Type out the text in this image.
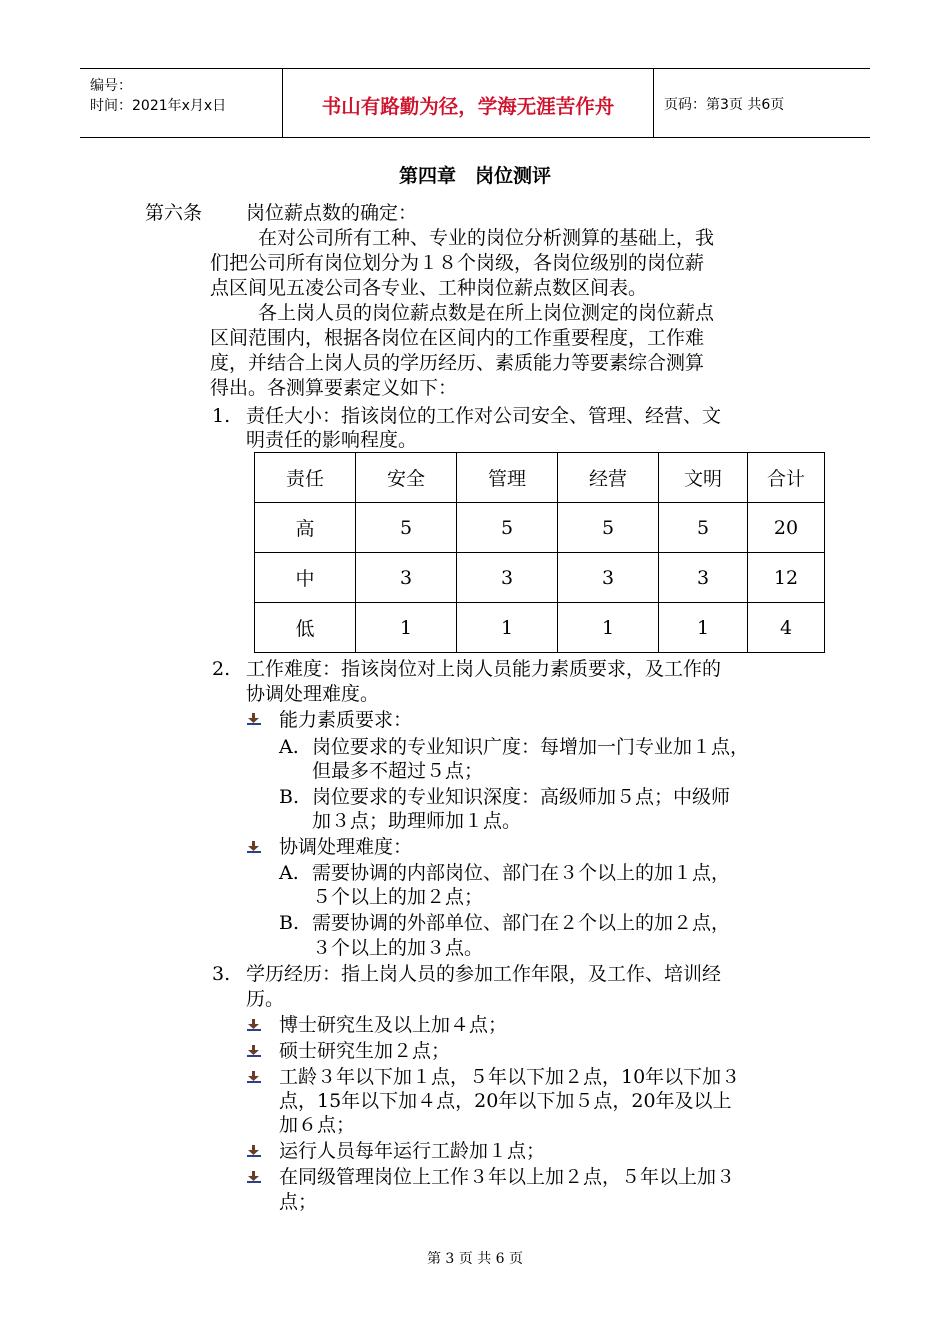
编号：
时间：2021年x月x日	书山有路勤为径，学海无涯苦作舟	页码：第3页 共6页
第四章　岗位测评
第六条 岗位薪点数的确定：
在对公司所有工种、专业的岗位分析测算的基础上，我
们把公司所有岗位划分为１８个岗级，各岗位级别的岗位薪
点区间见五凌公司各专业、工种岗位薪点数区间表。
各上岗人员的岗位薪点数是在所上岗位测定的岗位薪点
区间范围内，根据各岗位在区间内的工作重要程度，工作难
度，并结合上岗人员的学历经历、素质能力等要素综合测算
得出。各测算要素定义如下：
1. 责任大小：指该岗位的工作对公司安全、管理、经营、文
明责任的影响程度。
责任	安全	管理	经营	文明	合计
高	5	5	5	5	20
中	3	3	3	3	12
低	1	1	1	1	4
2. 工作难度：指该岗位对上岗人员能力素质要求，及工作的
协调处理难度。
能力素质要求：
A. 岗位要求的专业知识广度：每增加一门专业加１点，
但最多不超过５点；
B. 岗位要求的专业知识深度：高级师加５点；中级师
加３点；助理师加１点。
协调处理难度：
A. 需要协调的内部岗位、部门在３个以上的加１点，
５个以上的加２点；
B. 需要协调的外部单位、部门在２个以上的加２点，
３个以上的加３点。
3. 学历经历：指上岗人员的参加工作年限，及工作、培训经
历。
博士研究生及以上加４点；
硕士研究生加２点；
工龄３年以下加１点，５年以下加２点，10年以下加３
点，15年以下加４点，20年以下加５点，20年及以上
加６点；
运行人员每年运行工龄加１点；
在同级管理岗位上工作３年以上加２点，５年以上加３
点；
第 3 页 共 6 页
